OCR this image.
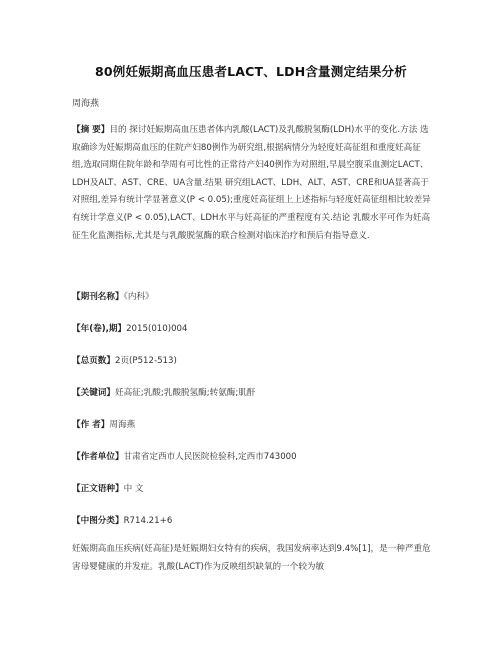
80例妊娠期高血压患者LACT、LDH含量测定结果分析
周海燕
【摘 要】目的 探讨妊娠期高血压患者体内乳酸(LACT)及乳酸脱氢酶(LDH)水平的变化.方法 选取确诊为妊娠期高血压的住院产妇80例作为研究组,根据病情分为轻度妊高征组和重度妊高征组,选取同期住院年龄和孕周有可比性的正常待产妇40例作为对照组,早晨空腹采血测定LACT、LDH及ALT、AST、CRE、UA含量.结果 研究组LACT、LDH、ALT、AST、CRE和UA显著高于对照组,差异有统计学显著意义(P < 0.05);重度妊高征组上上述指标与轻度妊高征组相比较差异有统计学意义(P < 0.05),LACT、LDH水平与妊高征的严重程度有关.结论 乳酸水平可作为妊高征生化监测指标,尤其是与乳酸脱氢酶的联合检测对临床治疗和预后有指导意义.
【期刊名称】《内科》
【年(卷),期】2015(010)004
【总页数】2页(P512-513)
【关键词】妊高征;乳酸;乳酸脱氢酶;转氨酶;肌酐
【作 者】周海燕
【作者单位】甘肃省定西市人民医院检验科,定西市743000
【正文语种】中 文
【中图分类】R714.21+6
妊娠期高血压疾病(妊高征)是妊娠期妇女特有的疾病，我国发病率达到9.4%[1]，是一种严重危害母婴健康的并发症。乳酸(LACT)作为反映组织缺氧的一个较为敏
